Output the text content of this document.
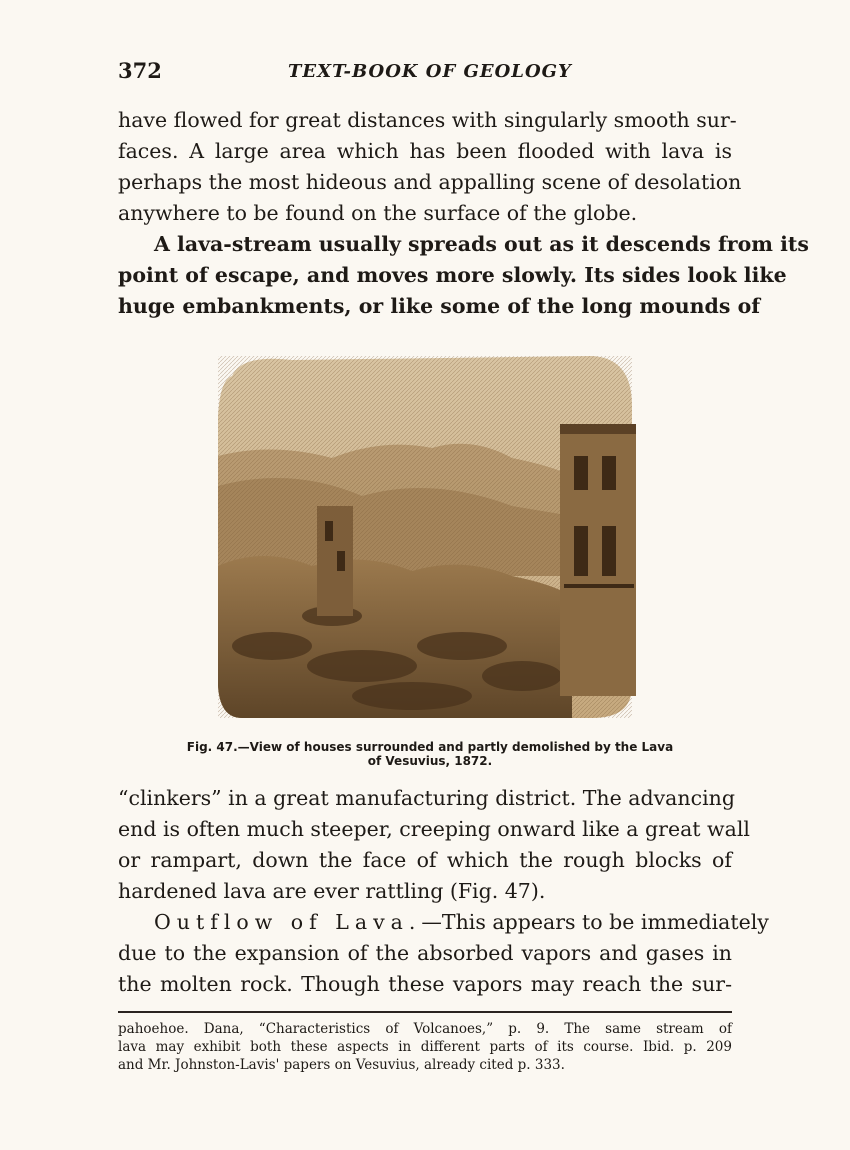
372	TEXT-BOOK OF GEOLOGY
have flowed for great distances with singularly smooth sur-
faces. A large area which has been flooded with lava is
perhaps the most hideous and appalling scene of desolation
anywhere to be found on the surface of the globe.
A lava-stream usually spreads out as it descends from its
point of escape, and moves more slowly. Its sides look like
huge embankments, or like some of the long mounds of
Fig. 47.—View of houses surrounded and partly demolished by the Lava
of Vesuvius, 1872.
“clinkers” in a great manufacturing district. The advancing
end is often much steeper, creeping onward like a great wall
or rampart, down the face of which the rough blocks of
hardened lava are ever rattling (Fig. 47).
Outflow of Lava.—This appears to be immediately
due to the expansion of the absorbed vapors and gases in
the molten rock. Though these vapors may reach the sur-
pahoehoe. Dana, “Characteristics of Volcanoes,” p. 9. The same stream of
lava may exhibit both these aspects in different parts of its course. Ibid. p. 209
and Mr. Johnston-Lavis' papers on Vesuvius, already cited p. 333.
